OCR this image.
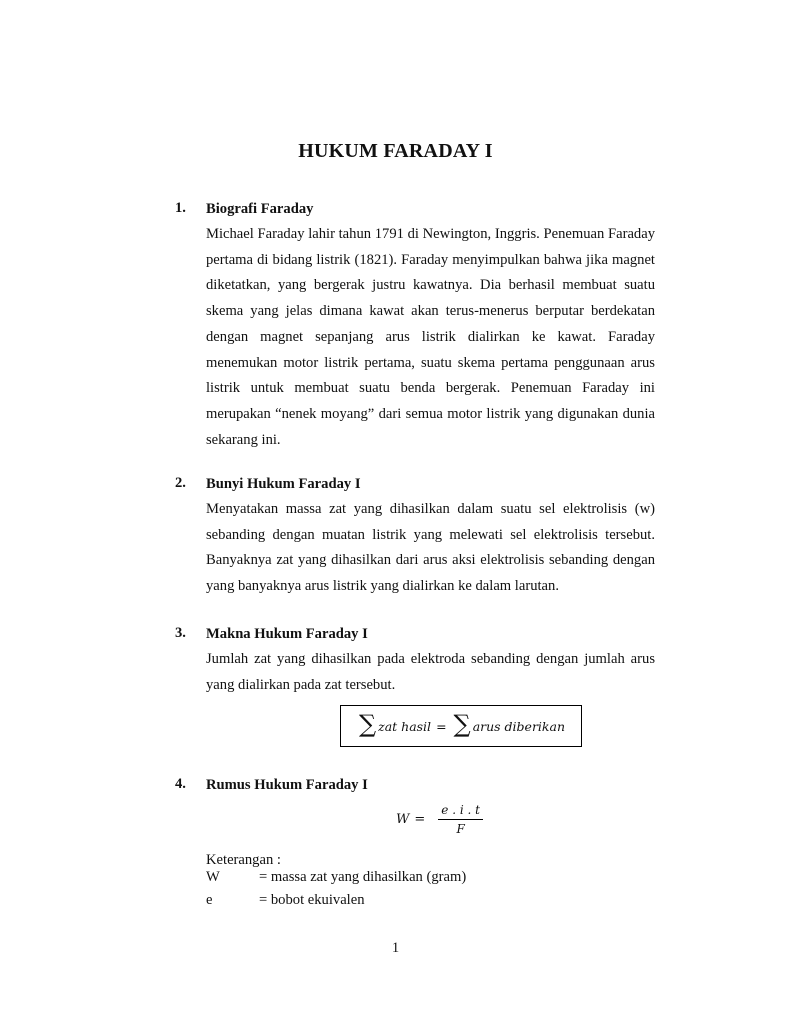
HUKUM FARADAY I
1. Biografi Faraday
Michael Faraday lahir tahun 1791 di Newington, Inggris. Penemuan Faraday pertama di bidang listrik (1821). Faraday menyimpulkan bahwa jika magnet diketatkan, yang bergerak justru kawatnya. Dia berhasil membuat suatu skema yang jelas dimana kawat akan terus-menerus berputar berdekatan dengan magnet sepanjang arus listrik dialirkan ke kawat. Faraday menemukan motor listrik pertama, suatu skema pertama penggunaan arus listrik untuk membuat suatu benda bergerak. Penemuan Faraday ini merupakan “nenek moyang” dari semua motor listrik yang digunakan dunia sekarang ini.
2. Bunyi Hukum Faraday I
Menyatakan massa zat yang dihasilkan dalam suatu sel elektrolisis (w) sebanding dengan muatan listrik yang melewati sel elektrolisis tersebut. Banyaknya zat yang dihasilkan dari arus aksi elektrolisis sebanding dengan yang banyaknya arus listrik yang dialirkan ke dalam larutan.
3. Makna Hukum Faraday I
Jumlah zat yang dihasilkan pada elektroda sebanding dengan jumlah arus yang dialirkan pada zat tersebut.
∑ zat hasil = ∑ arus diberikan
4. Rumus Hukum Faraday I
$W = \frac{e . i . t}{F}$
Keterangan :
W	= massa zat yang dihasilkan (gram)
e	= bobot ekuivalen
1
